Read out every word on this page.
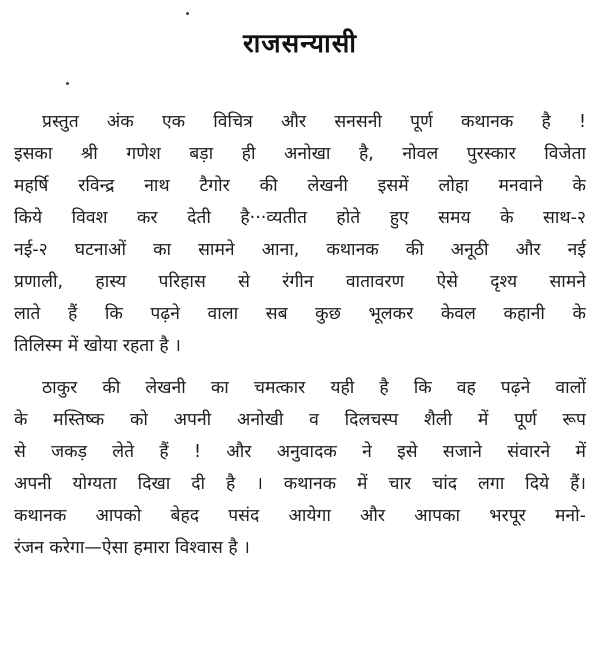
राजसन्यासी
प्रस्तुत अंक एक विचित्र और सनसनी पूर्ण कथानक है !
इसका श्री गणेश बड़ा ही अनोखा है, नोवल पुरस्कार विजेता
महर्षि रविन्द्र नाथ टैगोर की लेखनी इसमें लोहा मनवाने के
किये विवश कर देती है···व्यतीत होते हुए समय के साथ-२
नई-२ घटनाओं का सामने आना, कथानक की अनूठी और नई
प्रणाली, हास्य परिहास से रंगीन वातावरण ऐसे दृश्य सामने
लाते हैं कि पढ़ने वाला सब कुछ भूलकर केवल कहानी के
तिलिस्म में खोया रहता है ।
ठाकुर की लेखनी का चमत्कार यही है कि वह पढ़ने वालों
के मस्तिष्क को अपनी अनोखी व दिलचस्प शैली में पूर्ण रूप
से जकड़ लेते हैं ! और अनुवादक ने इसे सजाने संवारने में
अपनी योग्यता दिखा दी है । कथानक में चार चांद लगा दिये हैं।
कथानक आपको बेहद पसंद आयेगा और आपका भरपूर मनो-
रंजन करेगा—ऐसा हमारा विश्वास है ।
